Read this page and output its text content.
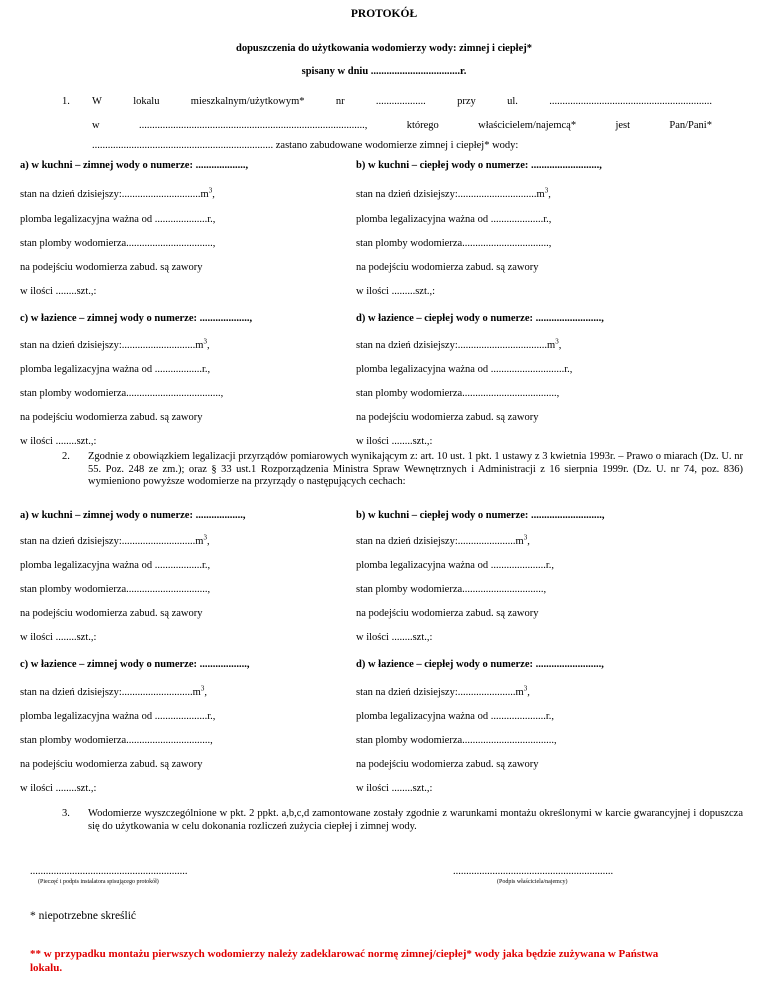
PROTOKÓŁ
dopuszczenia do użytkowania wodomierzy wody: zimnej i ciepłej*
spisany w dniu ..................................r.
1. W	lokalu	mieszkalnym/użytkowym*	nr	...................	przy	ul.	..............................................................
w	......................................................................................,	którego	właścicielem/najemcą*	jest	Pan/Pani*
..................................................................... zastano zabudowane wodomierze zimnej i ciepłej* wody:
a) w kuchni – zimnej wody o numerze: ...................,	b) w kuchni – ciepłej wody o numerze: ..........................,
stan na dzień $dzisiejszy:..............................m^3$,	stan na dzień $dzisiejszy:..............................m^3$,
plomba legalizacyjna ważna od ....................r.,	plomba legalizacyjna ważna od ....................r.,
stan plomby wodomierza.................................,	stan plomby wodomierza.................................,
na podejściu wodomierza zabud. są zawory	na podejściu wodomierza zabud. są zawory
w ilości ........szt.,:	w ilości .........szt.,:
c) w łazience – zimnej wody o numerze: ...................,	d) w łazience – ciepłej wody o numerze: .........................,
stan na dzień $dzisiejszy:............................m^3$,	stan na dzień $dzisiejszy:..................................m^3$,
plomba legalizacyjna ważna od ..................r.,	plomba legalizacyjna ważna od ............................r.,
stan plomby wodomierza....................................,	stan plomby wodomierza....................................,
na podejściu wodomierza zabud. są zawory	na podejściu wodomierza zabud. są zawory
w ilości ........szt.,:	w ilości ........szt.,:
2. Zgodnie z obowiązkiem legalizacji przyrządów pomiarowych wynikającym z: art. 10 ust. 1 pkt. 1 ustawy z 3 kwietnia 1993r. – Prawo o miarach (Dz. U. nr 55. Poz. 248 ze zm.); oraz § 33 ust.1 Rozporządzenia Ministra Spraw Wewnętrznych i Administracji z 16 sierpnia 1999r. (Dz. U. nr 74, poz. 836) wymieniono powyższe wodomierze na przyrządy o następujących cechach:
a) w kuchni – zimnej wody o numerze: ..................,	b) w kuchni – ciepłej wody o numerze: ...........................,
stan na dzień $dzisiejszy:............................m^3$,	stan na dzień $dzisiejszy:......................m^3$,
plomba legalizacyjna ważna od ..................r.,	plomba legalizacyjna ważna od .....................r.,
stan plomby wodomierza...............................,	stan plomby wodomierza...............................,
na podejściu wodomierza zabud. są zawory	na podejściu wodomierza zabud. są zawory
w ilości ........szt.,:	w ilości ........szt.,:
c) w łazience – zimnej wody o numerze: ..................,	d) w łazience – ciepłej wody o numerze: .........................,
stan na dzień $dzisiejszy:...........................m^3$,	stan na dzień $dzisiejszy:......................m^3$,
plomba legalizacyjna ważna od ....................r.,	plomba legalizacyjna ważna od .....................r.,
stan plomby wodomierza................................,	stan plomby wodomierza...................................,
na podejściu wodomierza zabud. są zawory	na podejściu wodomierza zabud. są zawory
w ilości ........szt.,:	w ilości ........szt.,:
3. Wodomierze wyszczególnione w pkt. 2 ppkt. a,b,c,d zamontowane zostały zgodnie z warunkami montażu określonymi w karcie gwarancyjnej i dopuszcza się do użytkowania w celu dokonania rozliczeń zużycia ciepłej i zimnej wody.
............................................................
(Pieczęć i podpis instalatora spisującego protokół)
.............................................................
(Podpis właściciela/najemcy)
* niepotrzebne skreślić
** w przypadku montażu pierwszych wodomierzy należy zadeklarować normę zimnej/ciepłej* wody jaka będzie zużywana w Państwa lokalu.
